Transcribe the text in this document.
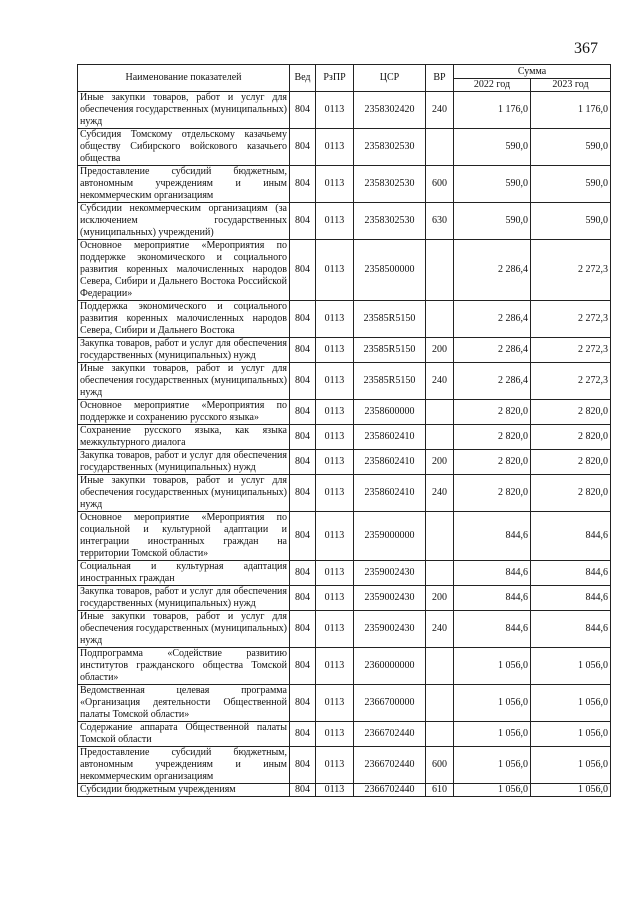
367
Наименование показателей	Вед	РзПР	ЦСР	ВР	Сумма	
					2022 год	2023 год
Иные закупки товаров, работ и услуг для обеспечения государственных (муниципальных) нужд	804	0113	2358302420	240	1 176,0	1 176,0
Субсидия Томскому отдельскому казачьему обществу Сибирского войскового казачьего общества	804	0113	2358302530		590,0	590,0
Предоставление субсидий бюджетным, автономным учреждениям и иным некоммерческим организациям	804	0113	2358302530	600	590,0	590,0
Субсидии некоммерческим организациям (за исключением государственных (муниципальных) учреждений)	804	0113	2358302530	630	590,0	590,0
Основное мероприятие «Мероприятия по поддержке экономического и социального развития коренных малочисленных народов Севера, Сибири и Дальнего Востока Российской Федерации»	804	0113	2358500000		2 286,4	2 272,3
Поддержка экономического и социального развития коренных малочисленных народов Севера, Сибири и Дальнего Востока	804	0113	23585R5150		2 286,4	2 272,3
Закупка товаров, работ и услуг для обеспечения государственных (муниципальных) нужд	804	0113	23585R5150	200	2 286,4	2 272,3
Иные закупки товаров, работ и услуг для обеспечения государственных (муниципальных) нужд	804	0113	23585R5150	240	2 286,4	2 272,3
Основное мероприятие «Мероприятия по поддержке и сохранению русского языка»	804	0113	2358600000		2 820,0	2 820,0
Сохранение русского языка, как языка межкультурного диалога	804	0113	2358602410		2 820,0	2 820,0
Закупка товаров, работ и услуг для обеспечения государственных (муниципальных) нужд	804	0113	2358602410	200	2 820,0	2 820,0
Иные закупки товаров, работ и услуг для обеспечения государственных (муниципальных) нужд	804	0113	2358602410	240	2 820,0	2 820,0
Основное мероприятие «Мероприятия по социальной и культурной адаптации и интеграции иностранных граждан на территории Томской области»	804	0113	2359000000		844,6	844,6
Социальная и культурная адаптация иностранных граждан	804	0113	2359002430		844,6	844,6
Закупка товаров, работ и услуг для обеспечения государственных (муниципальных) нужд	804	0113	2359002430	200	844,6	844,6
Иные закупки товаров, работ и услуг для обеспечения государственных (муниципальных) нужд	804	0113	2359002430	240	844,6	844,6
Подпрограмма «Содействие развитию институтов гражданского общества Томской области»	804	0113	2360000000		1 056,0	1 056,0
Ведомственная целевая программа «Организация деятельности Общественной палаты Томской области»	804	0113	2366700000		1 056,0	1 056,0
Содержание аппарата Общественной палаты Томской области	804	0113	2366702440		1 056,0	1 056,0
Предоставление субсидий бюджетным, автономным учреждениям и иным некоммерческим организациям	804	0113	2366702440	600	1 056,0	1 056,0
Субсидии бюджетным учреждениям	804	0113	2366702440	610	1 056,0	1 056,0
